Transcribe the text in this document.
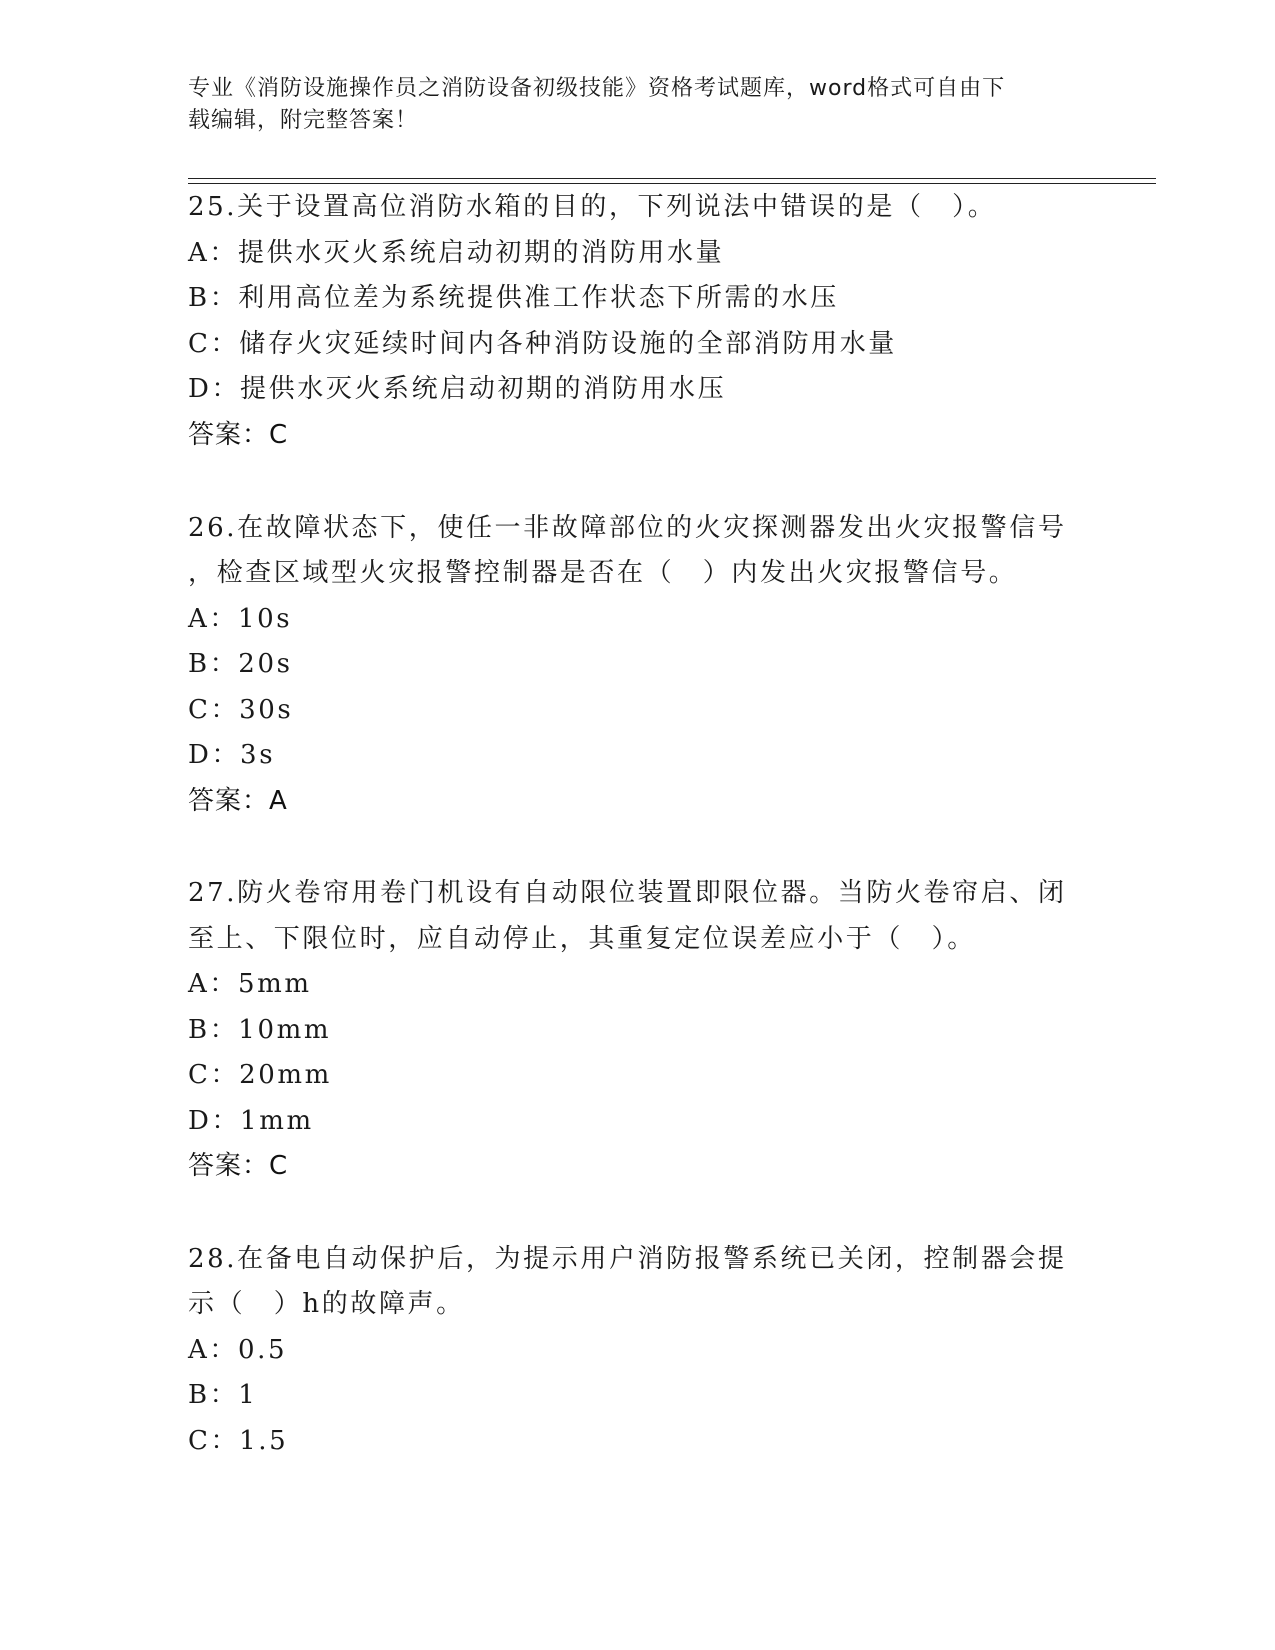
专业《消防设施操作员之消防设备初级技能》资格考试题库，word格式可自由下
载编辑，附完整答案！
25.关于设置高位消防水箱的目的，下列说法中错误的是（　）。
A：提供水灭火系统启动初期的消防用水量
B：利用高位差为系统提供准工作状态下所需的水压
C：储存火灾延续时间内各种消防设施的全部消防用水量
D：提供水灭火系统启动初期的消防用水压
答案：C
26.在故障状态下，使任一非故障部位的火灾探测器发出火灾报警信号
，检查区域型火灾报警控制器是否在（　）内发出火灾报警信号。
A：10s
B：20s
C：30s
D：3s
答案：A
27.防火卷帘用卷门机设有自动限位装置即限位器。当防火卷帘启、闭
至上、下限位时，应自动停止，其重复定位误差应小于（　）。
A：5mm
B：10mm
C：20mm
D：1mm
答案：C
28.在备电自动保护后，为提示用户消防报警系统已关闭，控制器会提
示（　）h的故障声。
A：0.5
B：1
C：1.5
